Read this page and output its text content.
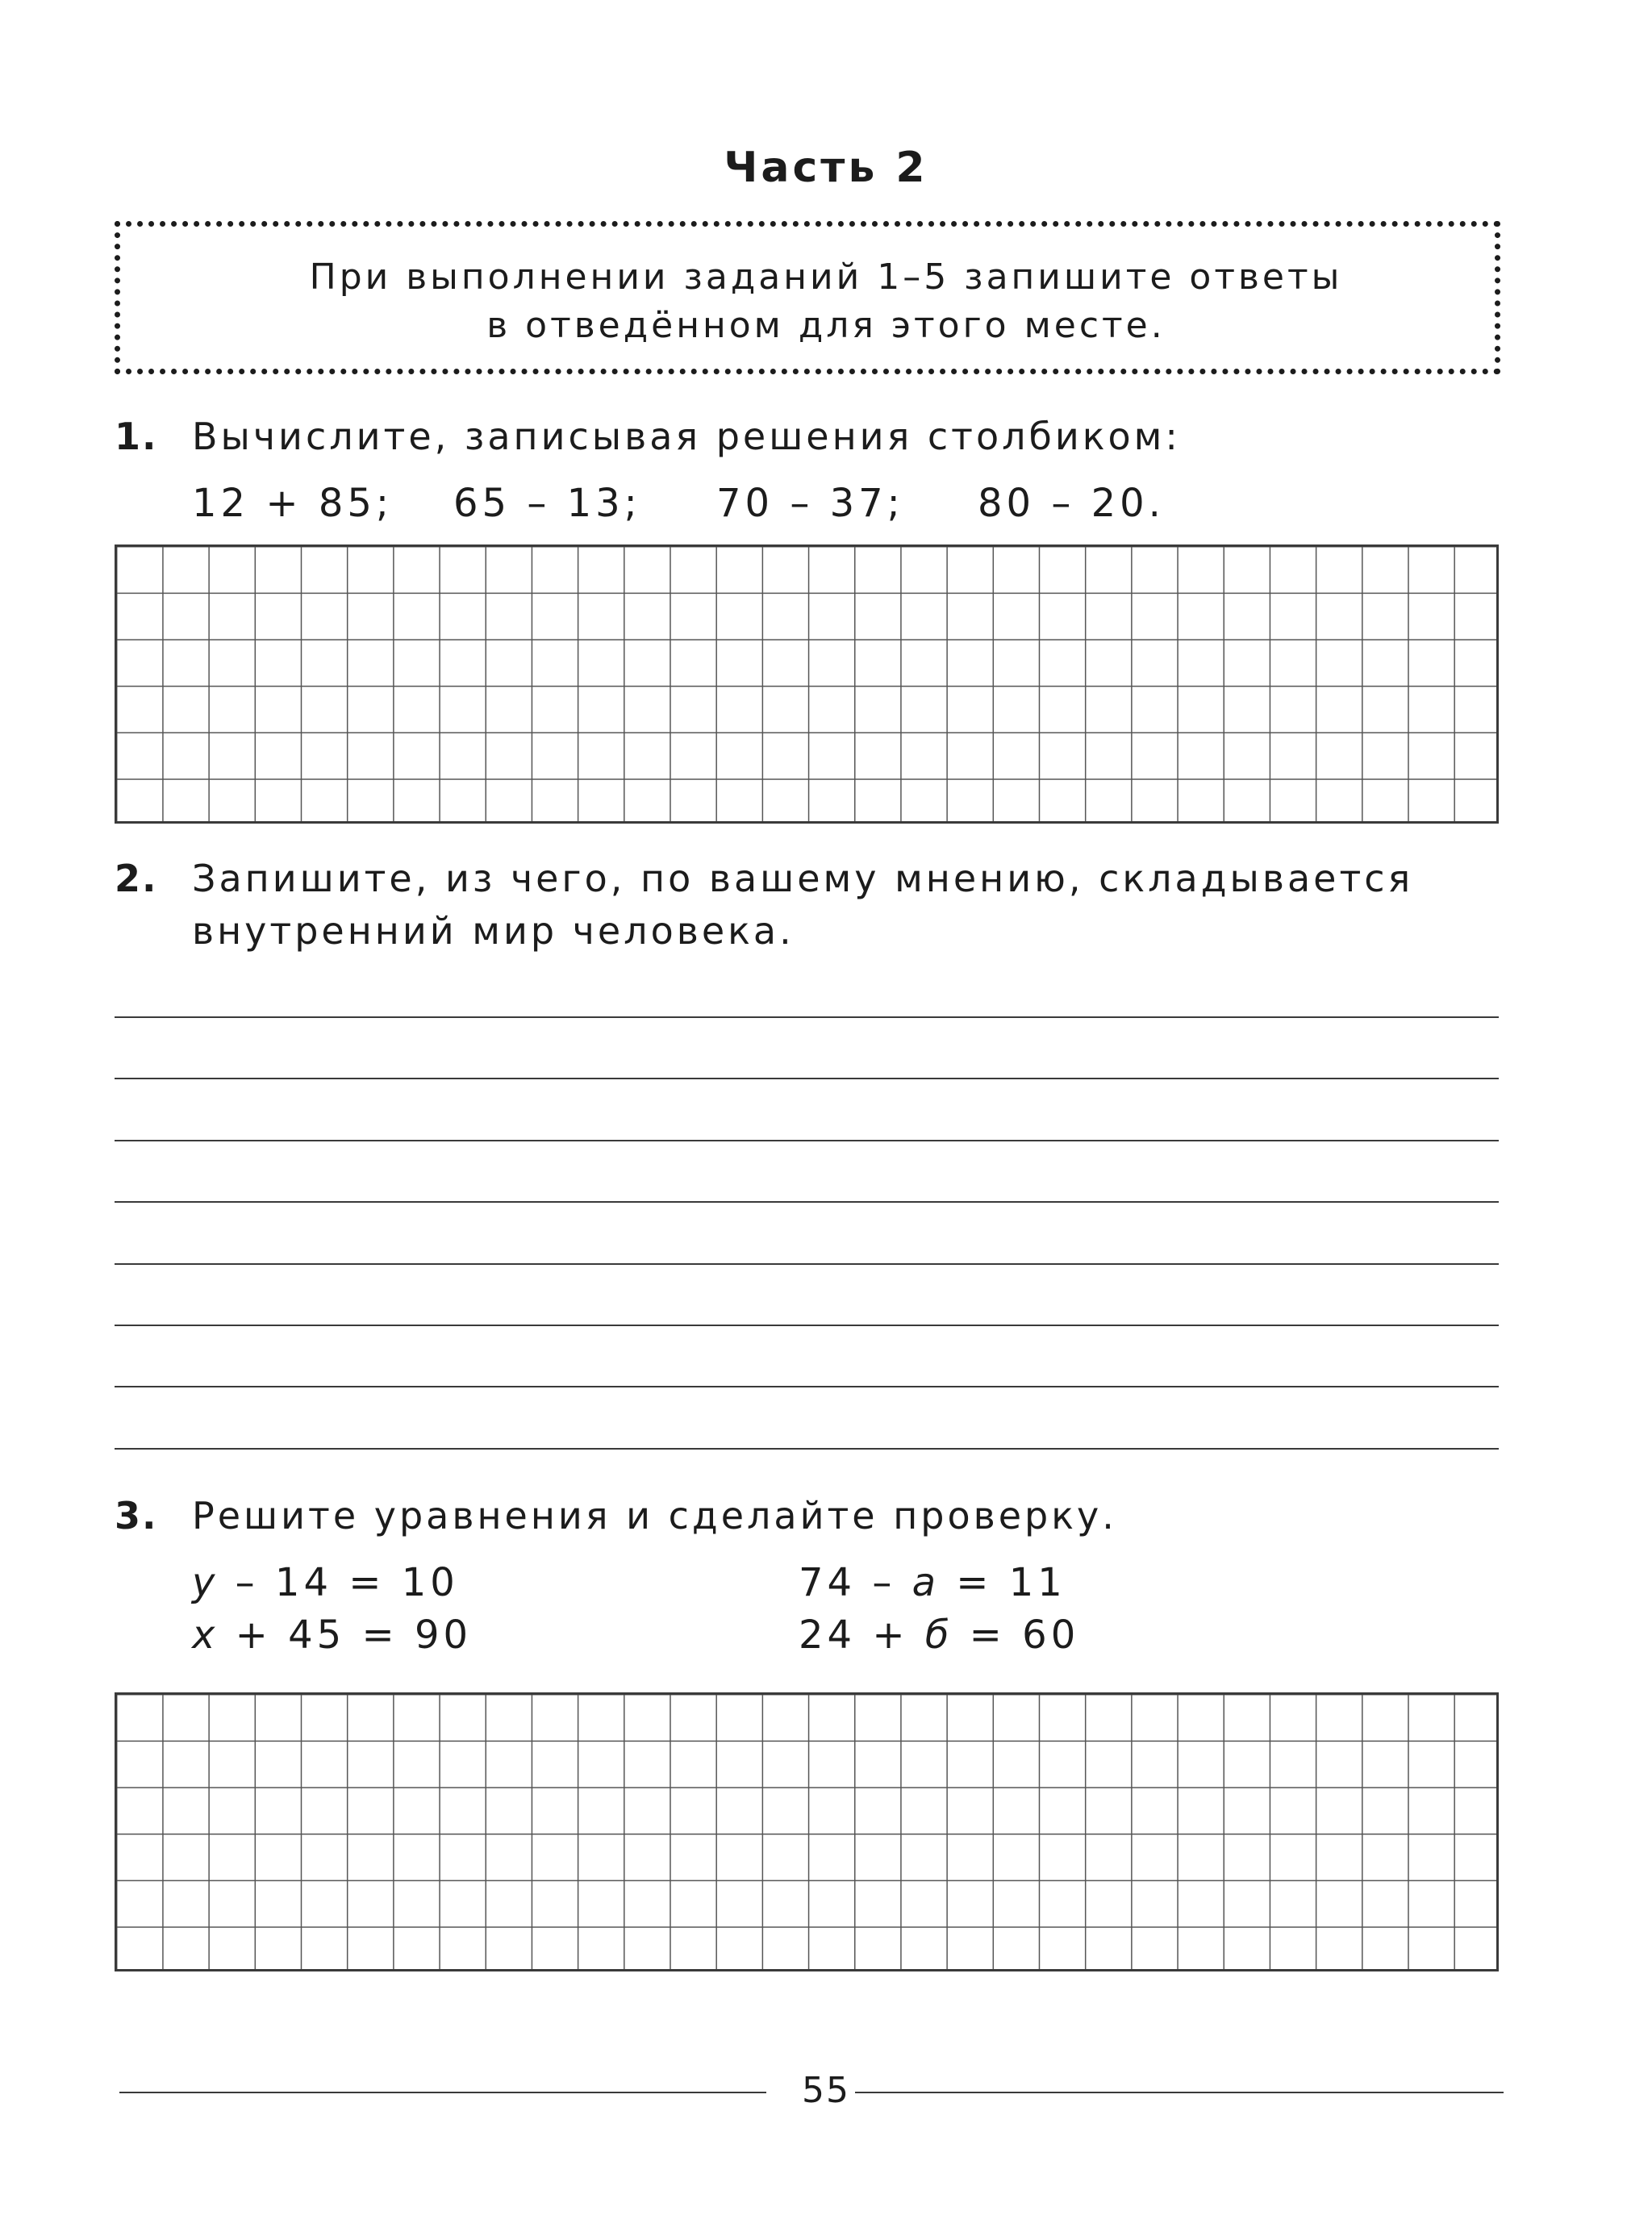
Часть 2
При выполнении заданий 1–5 запишите ответы
в отведённом для этого месте.
1. Вычислите, записывая решения столбиком:
12 + 85; 65 – 13; 70 – 37; 80 – 20.
2. Запишите, из чего, по вашему мнению, складывается
внутренний мир человека.
3. Решите уравнения и сделайте проверку.
у – 14 = 10	74 – а = 11
х + 45 = 90	24 + б = 60
55
